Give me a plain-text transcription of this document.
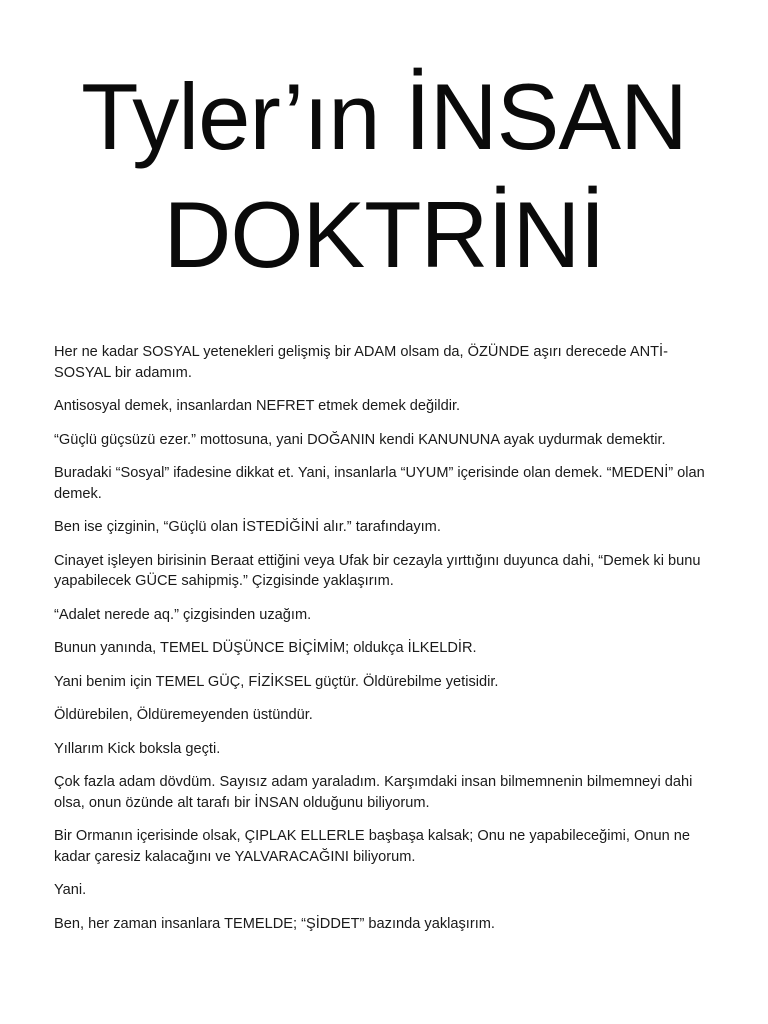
Tyler’ın İNSAN
DOKTRİNİ

Her ne kadar SOSYAL yetenekleri gelişmiş bir ADAM olsam da, ÖZÜNDE aşırı derecede ANTİ-SOSYAL bir adamım.

Antisosyal demek, insanlardan NEFRET etmek demek değildir.

“Güçlü güçsüzü ezer.” mottosuna, yani DOĞANIN kendi KANUNUNA ayak uydurmak demektir.

Buradaki “Sosyal” ifadesine dikkat et. Yani, insanlarla “UYUM” içerisinde olan demek. “MEDENİ” olan demek.

Ben ise çizginin, “Güçlü olan İSTEDİĞİNİ alır.” tarafındayım.

Cinayet işleyen birisinin Beraat ettiğini veya Ufak bir cezayla yırttığını duyunca dahi, “Demek ki bunu yapabilecek GÜCE sahipmiş.” Çizgisinde yaklaşırım.

“Adalet nerede aq.” çizgisinden uzağım.

Bunun yanında, TEMEL DÜŞÜNCE BİÇİMİM; oldukça İLKELDİR.

Yani benim için TEMEL GÜÇ, FİZİKSEL güçtür. Öldürebilme yetisidir.

Öldürebilen, Öldüremeyenden üstündür.

Yıllarım Kick boksla geçti.

Çok fazla adam dövdüm. Sayısız adam yaraladım. Karşımdaki insan bilmemnenin bilmemneyi dahi olsa, onun özünde alt tarafı bir İNSAN olduğunu biliyorum.

Bir Ormanın içerisinde olsak, ÇIPLAK ELLERLE başbaşa kalsak; Onu ne yapabileceğimi, Onun ne kadar çaresiz kalacağını ve YALVARACAĞINI biliyorum.

Yani.

Ben, her zaman insanlara TEMELDE; “ŞİDDET” bazında yaklaşırım.
